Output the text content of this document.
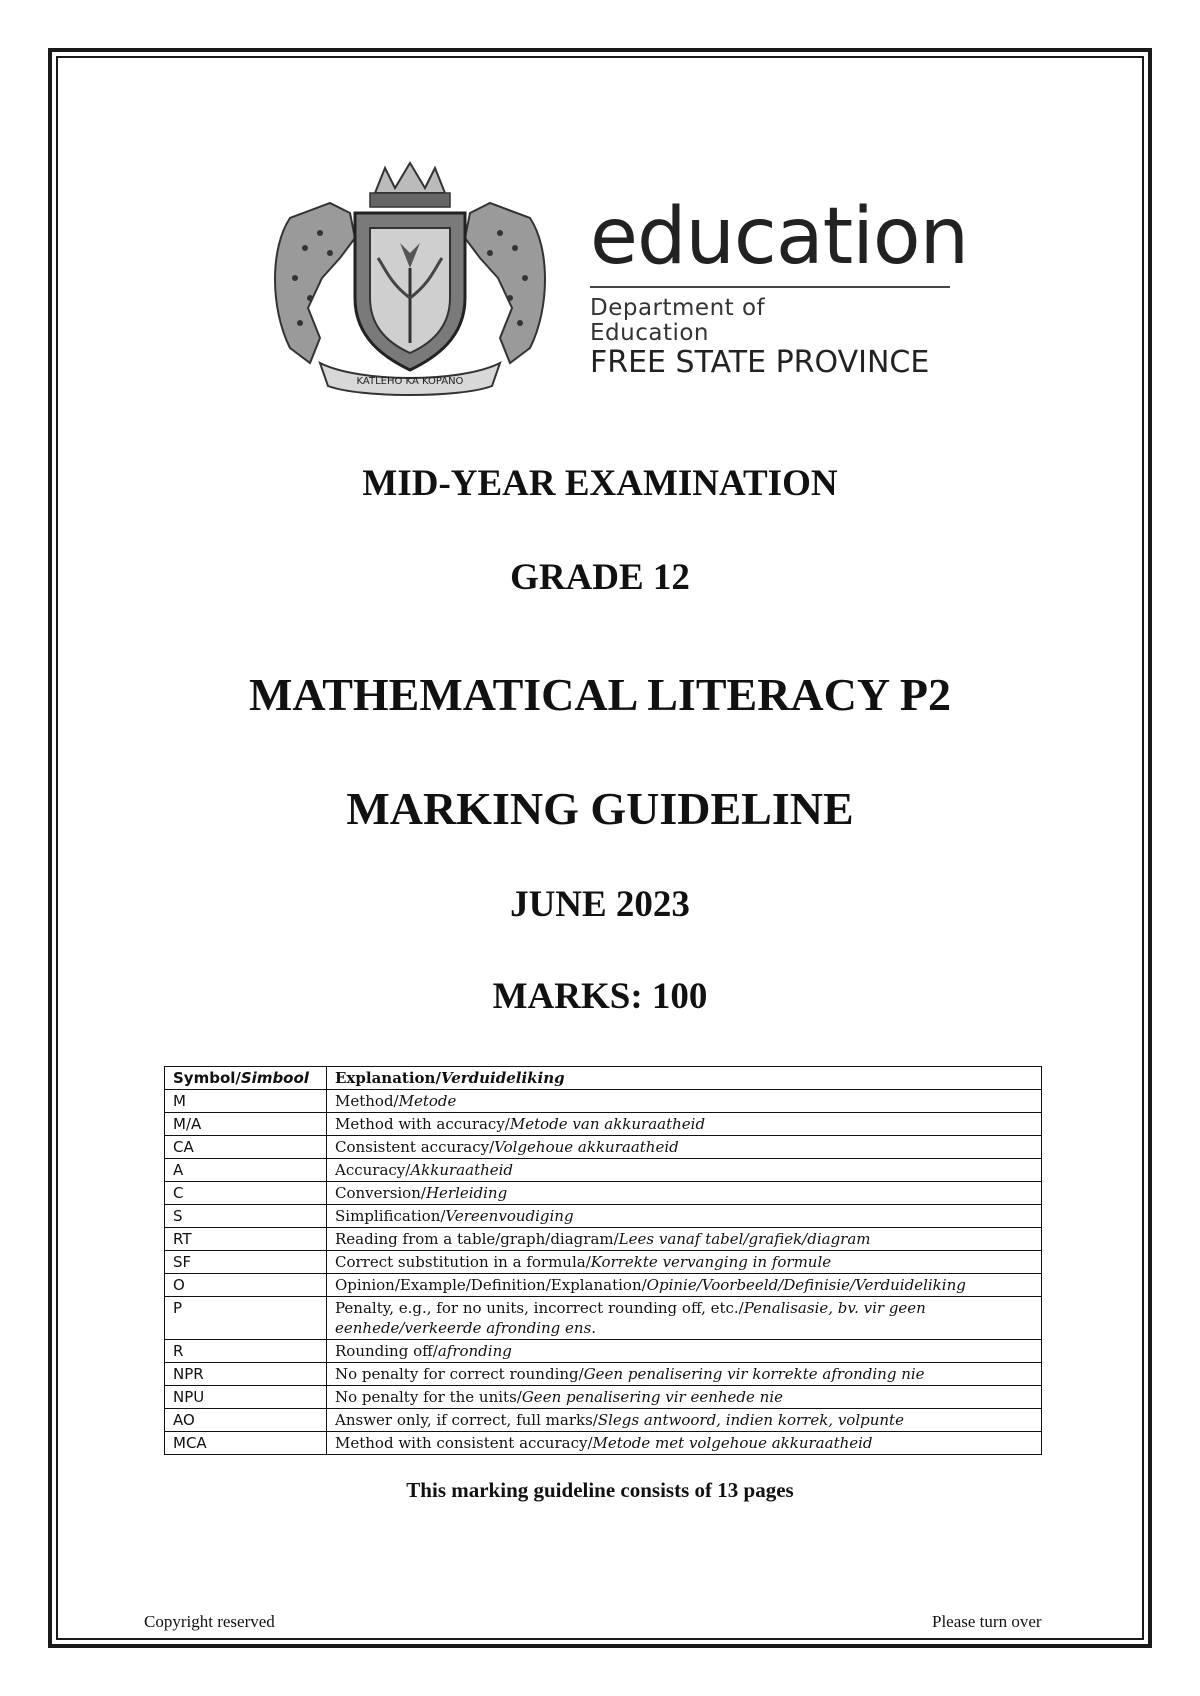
KATLEHO KA KOPANO

education

Department of

Education

FREE STATE PROVINCE

MID-YEAR EXAMINATION

GRADE 12

MATHEMATICAL LITERACY P2

MARKING GUIDELINE

JUNE 2023

MARKS: 100

Symbol/Simbool	Explanation/Verduideliking
M	Method/Metode
M/A	Method with accuracy/Metode van akkuraatheid
CA	Consistent accuracy/Volgehoue akkuraatheid
A	Accuracy/Akkuraatheid
C	Conversion/Herleiding
S	Simplification/Vereenvoudiging
RT	Reading from a table/graph/diagram/Lees vanaf tabel/grafiek/diagram
SF	Correct substitution in a formula/Korrekte vervanging in formule
O	Opinion/Example/Definition/Explanation/Opinie/Voorbeeld/Definisie/Verduideliking
P	Penalty, e.g., for no units, incorrect rounding off, etc./Penalisasie, bv. vir geen eenhede/verkeerde afronding ens.
R	Rounding off/afronding
NPR	No penalty for correct rounding/Geen penalisering vir korrekte afronding nie
NPU	No penalty for the units/Geen penalisering vir eenhede nie
AO	Answer only, if correct, full marks/Slegs antwoord, indien korrek, volpunte
MCA	Method with consistent accuracy/Metode met volgehoue akkuraatheid

This marking guideline consists of 13 pages

Copyright reserved	Please turn over
